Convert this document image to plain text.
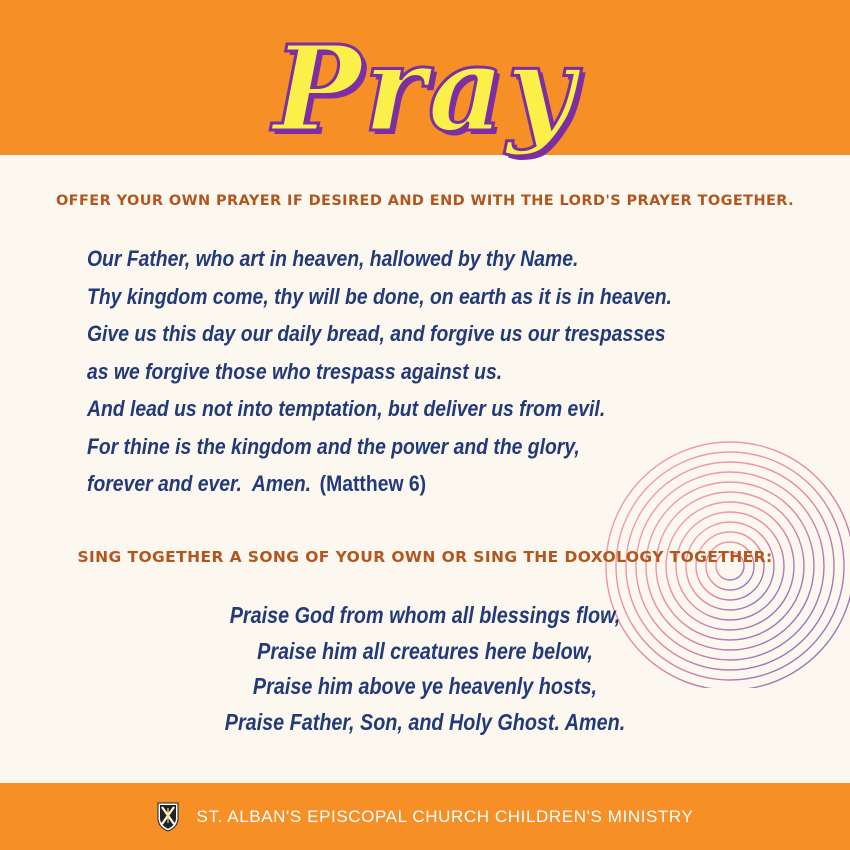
Pray
OFFER YOUR OWN PRAYER IF DESIRED AND END WITH THE LORD'S PRAYER TOGETHER.
Our Father, who art in heaven, hallowed by thy Name.
Thy kingdom come, thy will be done, on earth as it is in heaven.
Give us this day our daily bread, and forgive us our trespasses
as we forgive those who trespass against us.
And lead us not into temptation, but deliver us from evil.
For thine is the kingdom and the power and the glory,
forever and ever.  Amen. (Matthew 6)
SING TOGETHER A SONG OF YOUR OWN OR SING THE DOXOLOGY TOGETHER:
Praise God from whom all blessings flow,
Praise him all creatures here below,
Praise him above ye heavenly hosts,
Praise Father, Son, and Holy Ghost. Amen.
ST. ALBAN'S EPISCOPAL CHURCH CHILDREN'S MINISTRY
